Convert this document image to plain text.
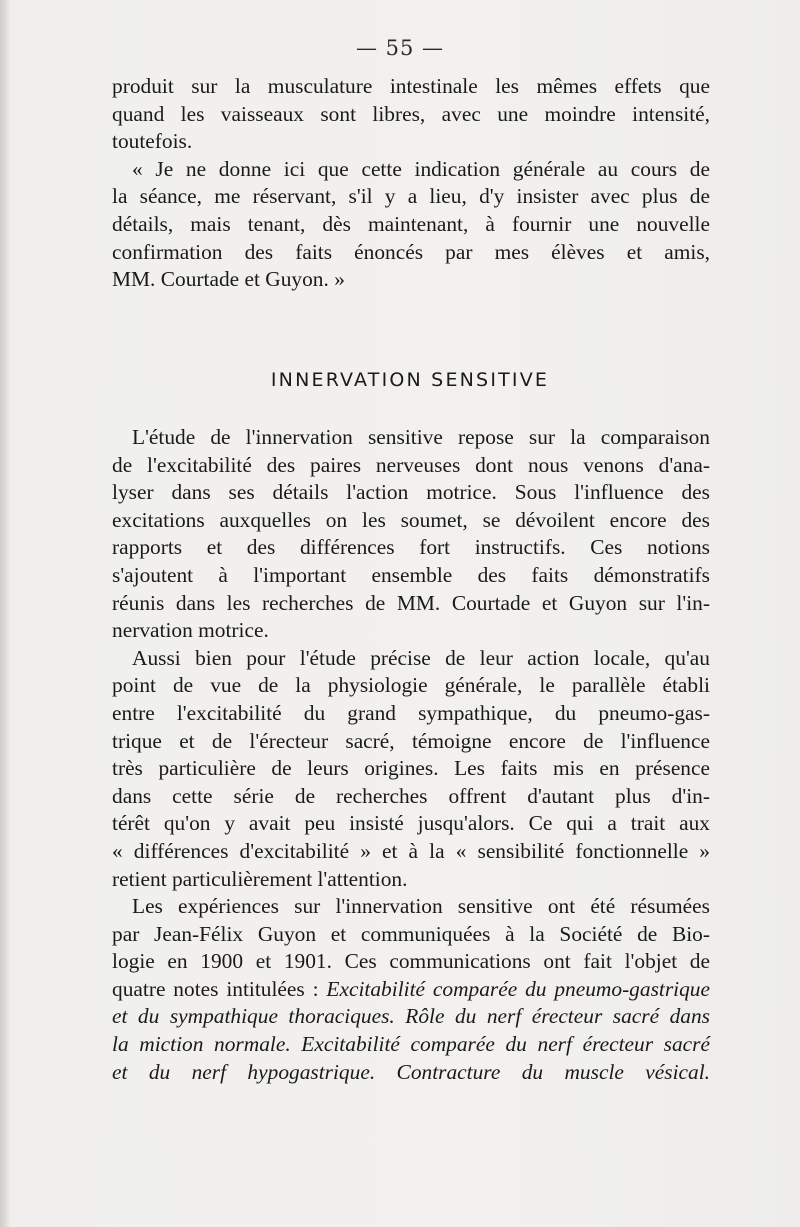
— 55 —
produit sur la musculature intestinale les mêmes effets que
quand les vaisseaux sont libres, avec une moindre intensité,
toutefois.
« Je ne donne ici que cette indication générale au cours de
la séance, me réservant, s'il y a lieu, d'y insister avec plus de
détails, mais tenant, dès maintenant, à fournir une nouvelle
confirmation des faits énoncés par mes élèves et amis,
MM. Courtade et Guyon. »
INNERVATION SENSITIVE
L'étude de l'innervation sensitive repose sur la comparaison
de l'excitabilité des paires nerveuses dont nous venons d'ana-
lyser dans ses détails l'action motrice. Sous l'influence des
excitations auxquelles on les soumet, se dévoilent encore des
rapports et des différences fort instructifs. Ces notions
s'ajoutent à l'important ensemble des faits démonstratifs
réunis dans les recherches de MM. Courtade et Guyon sur l'in-
nervation motrice.
Aussi bien pour l'étude précise de leur action locale, qu'au
point de vue de la physiologie générale, le parallèle établi
entre l'excitabilité du grand sympathique, du pneumo-gas-
trique et de l'érecteur sacré, témoigne encore de l'influence
très particulière de leurs origines. Les faits mis en présence
dans cette série de recherches offrent d'autant plus d'in-
térêt qu'on y avait peu insisté jusqu'alors. Ce qui a trait aux
« différences d'excitabilité » et à la « sensibilité fonctionnelle »
retient particulièrement l'attention.
Les expériences sur l'innervation sensitive ont été résumées
par Jean-Félix Guyon et communiquées à la Société de Bio-
logie en 1900 et 1901. Ces communications ont fait l'objet de
quatre notes intitulées : Excitabilité comparée du pneumo-gastrique
et du sympathique thoraciques. Rôle du nerf érecteur sacré dans
la miction normale. Excitabilité comparée du nerf érecteur sacré
et du nerf hypogastrique. Contracture du muscle vésical.
